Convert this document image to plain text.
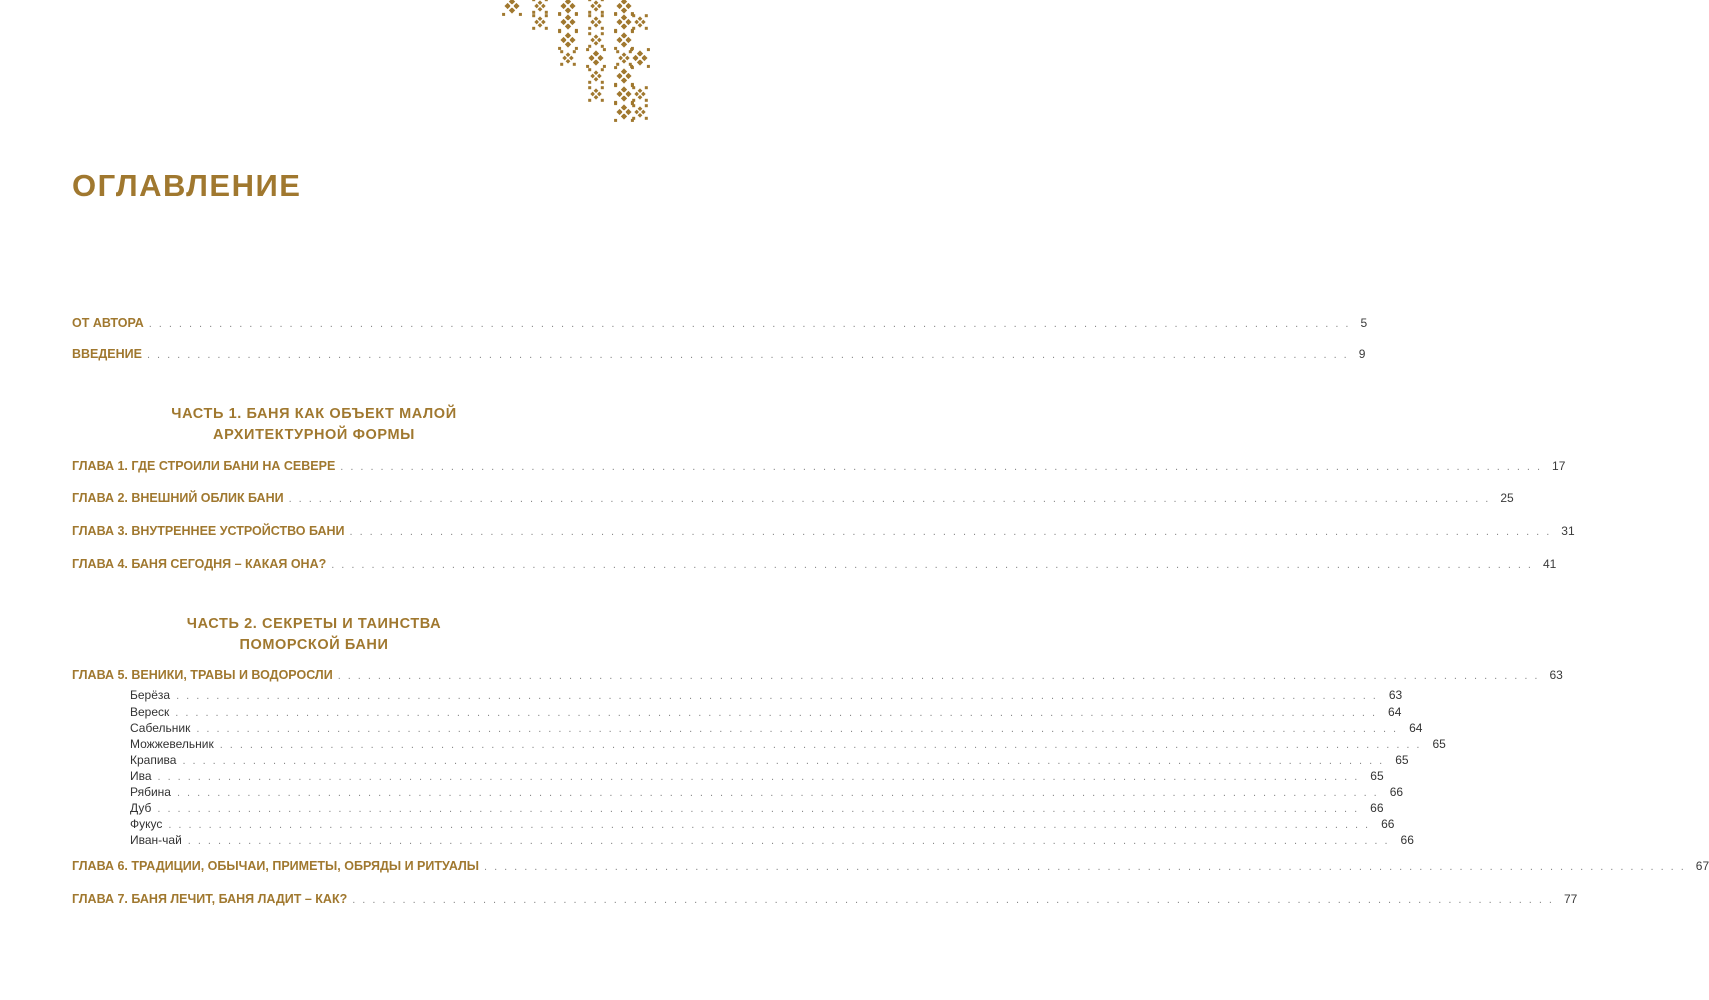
ОГЛАВЛЕНИЕ
ОТ АВТОРА ........................................................................................................................ 5
ВВЕДЕНИЕ ........................................................................................................................ 9
ЧАСТЬ 1. БАНЯ КАК ОБЪЕКТ МАЛОЙ
АРХИТЕКТУРНОЙ ФОРМЫ
ГЛАВА 1. ГДЕ СТРОИЛИ БАНИ НА СЕВЕРЕ ........................................................................................................................ 17
ГЛАВА 2. ВНЕШНИЙ ОБЛИК БАНИ ........................................................................................................................ 25
ГЛАВА 3. ВНУТРЕННЕЕ УСТРОЙСТВО БАНИ ........................................................................................................................ 31
ГЛАВА 4. БАНЯ СЕГОДНЯ – КАКАЯ ОНА? ........................................................................................................................ 41
ЧАСТЬ 2. СЕКРЕТЫ И ТАИНСТВА
ПОМОРСКОЙ БАНИ
ГЛАВА 5. ВЕНИКИ, ТРАВЫ И ВОДОРОСЛИ ........................................................................................................................ 63
Берёза ........................................................................................................................ 63
Вереск ........................................................................................................................ 64
Сабельник ........................................................................................................................ 64
Можжевельник ........................................................................................................................ 65
Крапива ........................................................................................................................ 65
Ива ........................................................................................................................ 65
Рябина ........................................................................................................................ 66
Дуб ........................................................................................................................ 66
Фукус ........................................................................................................................ 66
Иван-чай ........................................................................................................................ 66
ГЛАВА 6. ТРАДИЦИИ, ОБЫЧАИ, ПРИМЕТЫ, ОБРЯДЫ И РИТУАЛЫ ........................................................................................................................ 67
ГЛАВА 7. БАНЯ ЛЕЧИТ, БАНЯ ЛАДИТ – КАК? ........................................................................................................................ 77
